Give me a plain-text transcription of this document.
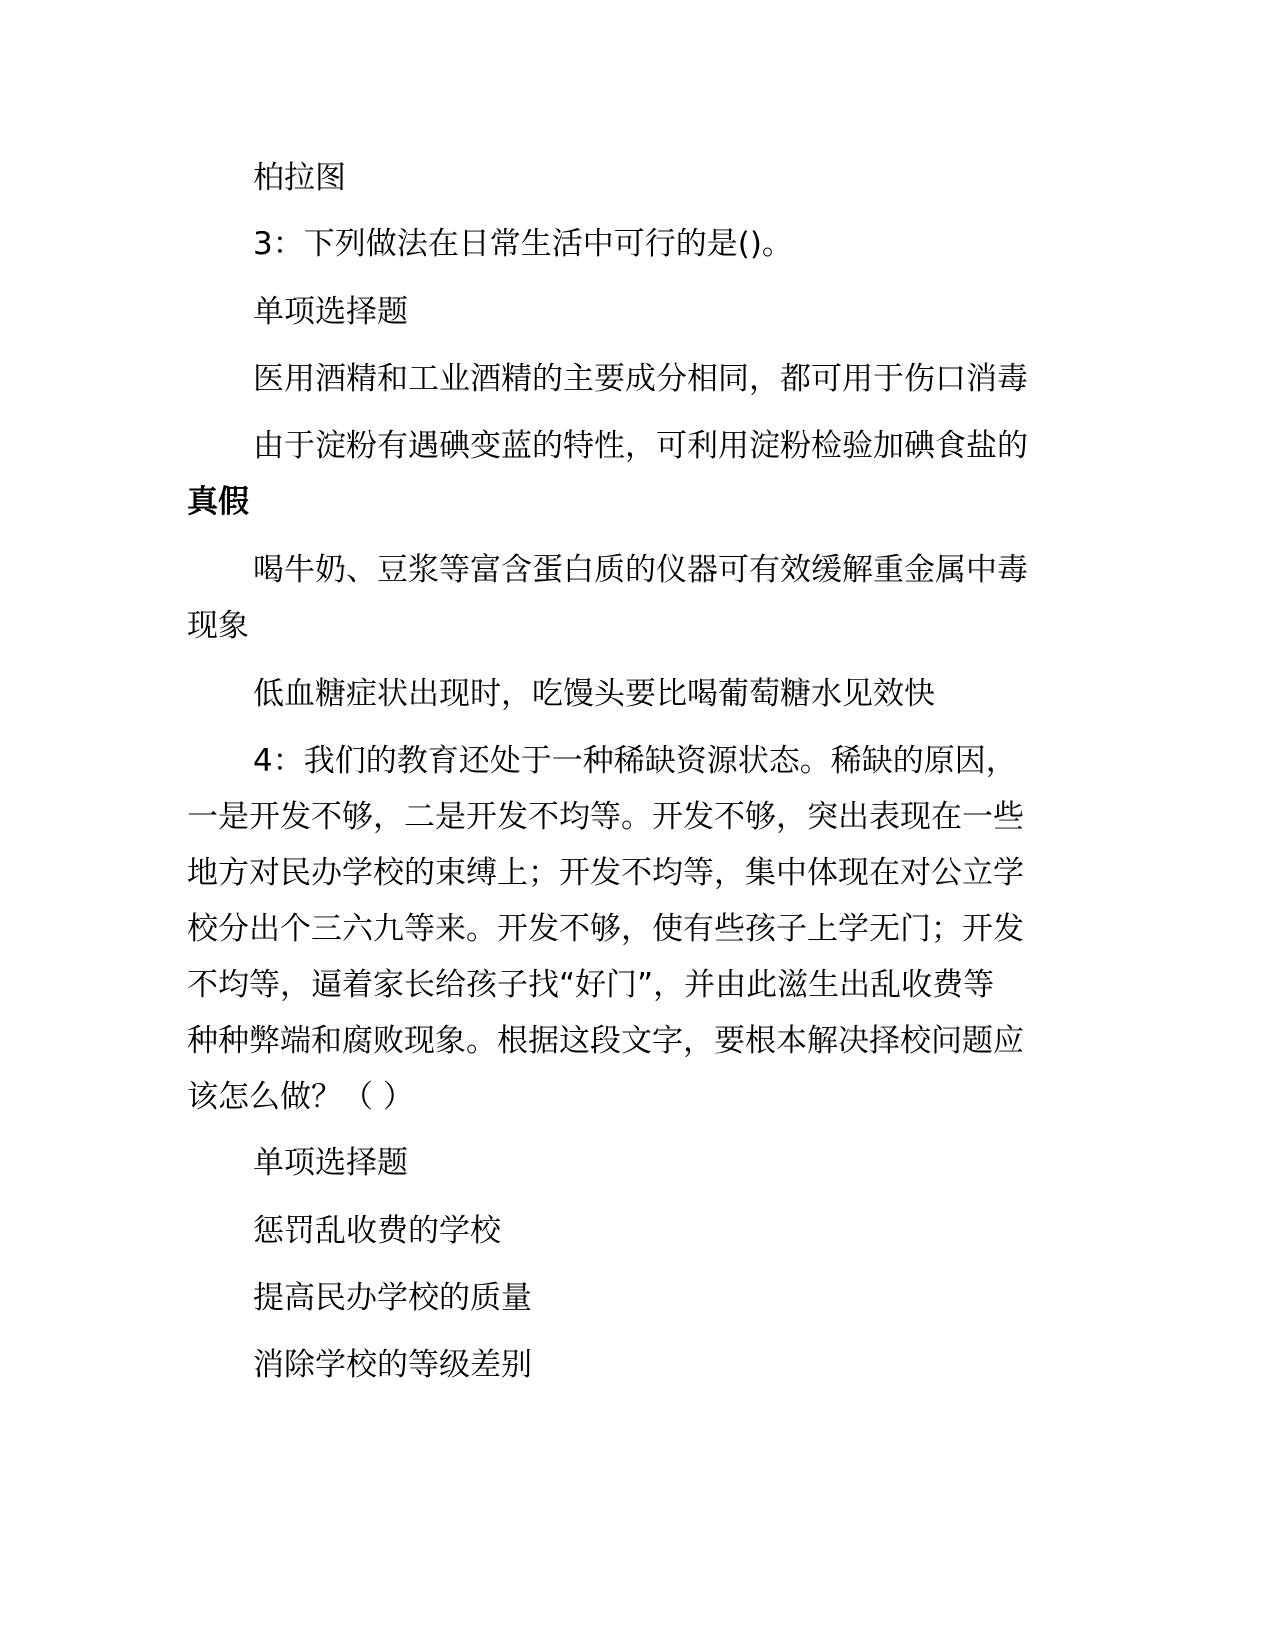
柏拉图
3：下列做法在日常生活中可行的是()。
单项选择题
医用酒精和工业酒精的主要成分相同，都可用于伤口消毒
由于淀粉有遇碘变蓝的特性，可利用淀粉检验加碘食盐的
真假
喝牛奶、豆浆等富含蛋白质的仪器可有效缓解重金属中毒
现象
低血糖症状出现时，吃馒头要比喝葡萄糖水见效快
4：我们的教育还处于一种稀缺资源状态。稀缺的原因，
一是开发不够，二是开发不均等。开发不够，突出表现在一些
地方对民办学校的束缚上；开发不均等，集中体现在对公立学
校分出个三六九等来。开发不够，使有些孩子上学无门；开发
不均等，逼着家长给孩子找“好门”，并由此滋生出乱收费等
种种弊端和腐败现象。根据这段文字，要根本解决择校问题应
该怎么做？（ ）
单项选择题
惩罚乱收费的学校
提高民办学校的质量
消除学校的等级差别
